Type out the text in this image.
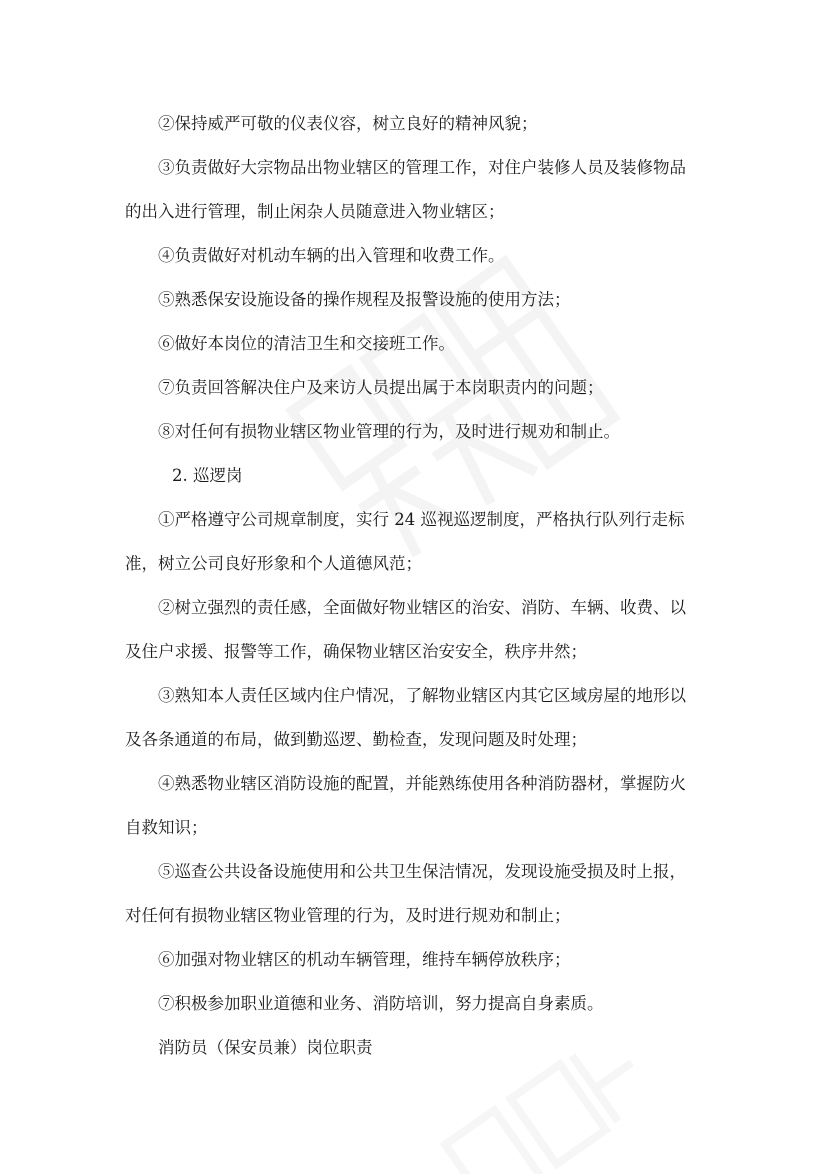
②保持威严可敬的仪表仪容，树立良好的精神风貌；
③负责做好大宗物品出物业辖区的管理工作，对住户装修人员及装修物品
的出入进行管理，制止闲杂人员随意进入物业辖区；
④负责做好对机动车辆的出入管理和收费工作。
⑤熟悉保安设施设备的操作规程及报警设施的使用方法；
⑥做好本岗位的清洁卫生和交接班工作。
⑦负责回答解决住户及来访人员提出属于本岗职责内的问题；
⑧对任何有损物业辖区物业管理的行为，及时进行规劝和制止。
2. 巡逻岗
①严格遵守公司规章制度，实行 24 巡视巡逻制度，严格执行队列行走标
准，树立公司良好形象和个人道德风范；
②树立强烈的责任感，全面做好物业辖区的治安、消防、车辆、收费、以
及住户求援、报警等工作，确保物业辖区治安安全，秩序井然；
③熟知本人责任区域内住户情况，了解物业辖区内其它区域房屋的地形以
及各条通道的布局，做到勤巡逻、勤检查，发现问题及时处理；
④熟悉物业辖区消防设施的配置，并能熟练使用各种消防器材，掌握防火
自救知识；
⑤巡查公共设备设施使用和公共卫生保洁情况，发现设施受损及时上报，
对任何有损物业辖区物业管理的行为，及时进行规劝和制止；
⑥加强对物业辖区的机动车辆管理，维持车辆停放秩序；
⑦积极参加职业道德和业务、消防培训，努力提高自身素质。
消防员（保安员兼）岗位职责
